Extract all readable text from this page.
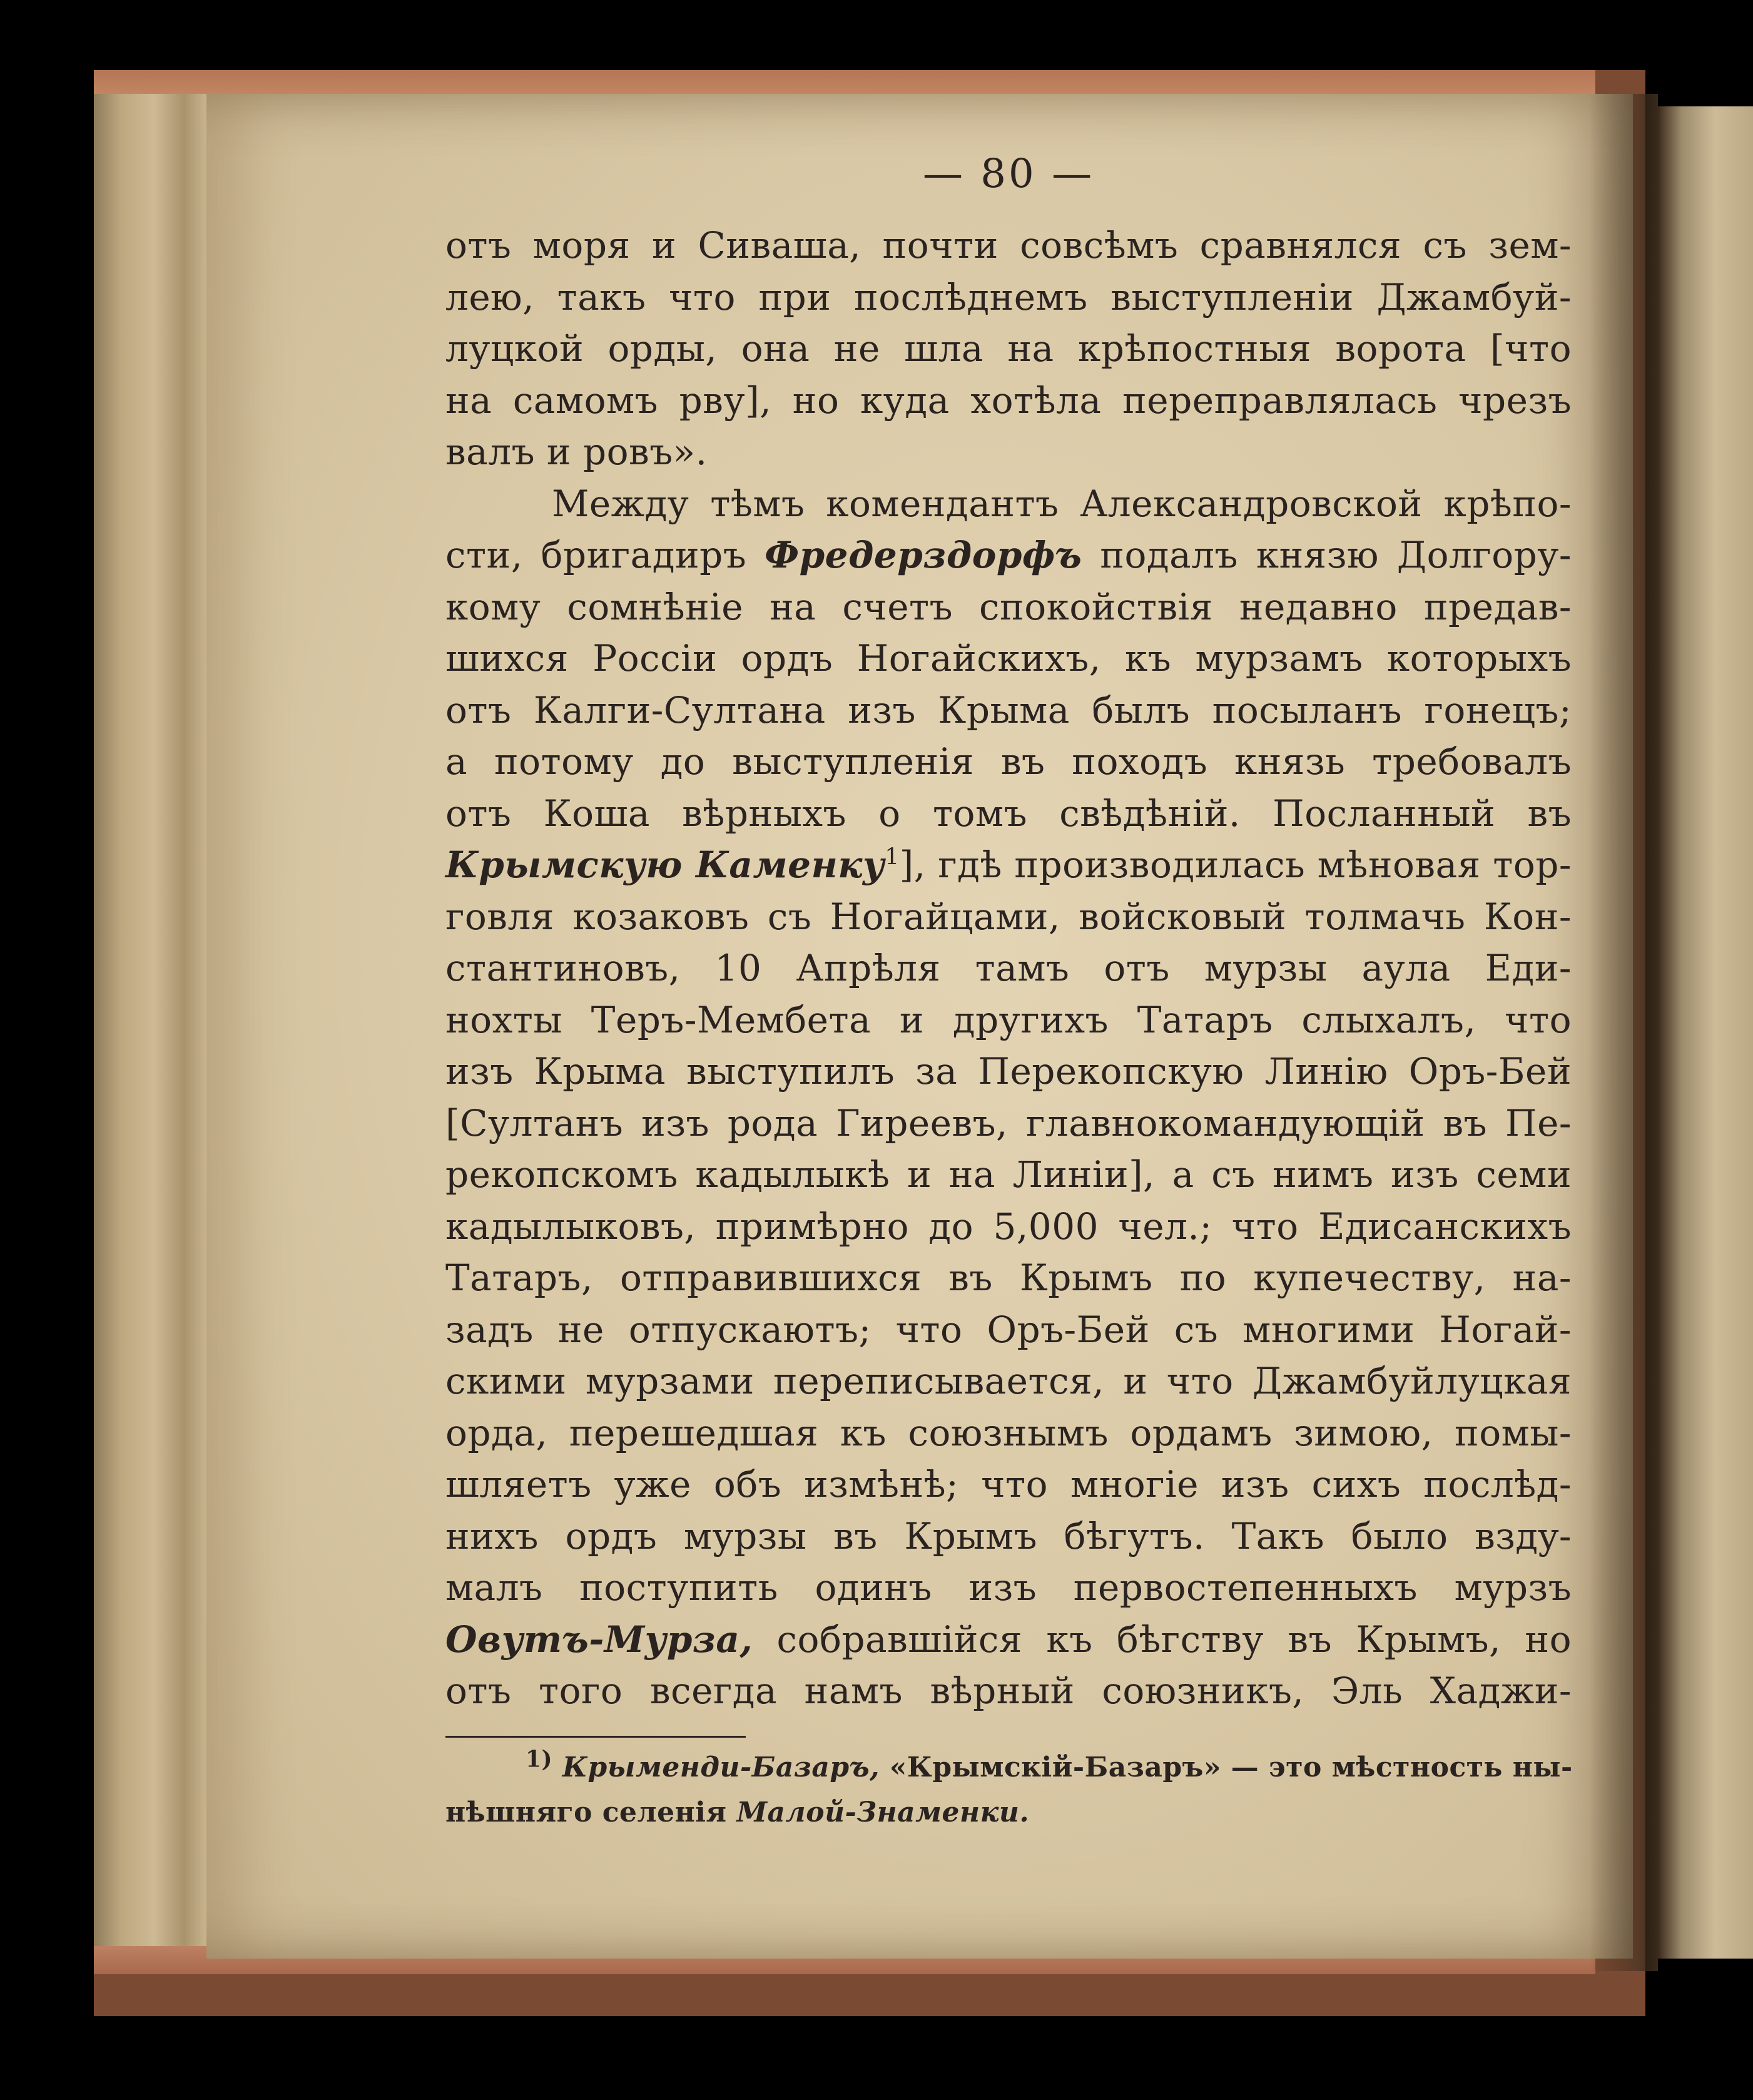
— 80 —
отъ моря и Сиваша, почти совсѣмъ сравнялся съ зем-
лею, такъ что при послѣднемъ выступленіи Джамбуй-
луцкой орды, она не шла на крѣпостныя ворота [что
на самомъ рву], но куда хотѣла переправлялась чрезъ
валъ и ровъ».
Между тѣмъ комендантъ Александровской крѣпо-
сти, бригадиръ Фредерздорфъ подалъ князю Долгору-
кому сомнѣніе на счетъ спокойствія недавно предав-
шихся Россіи ордъ Ногайскихъ, къ мурзамъ которыхъ
отъ Калги-Султана изъ Крыма былъ посыланъ гонецъ;
а потому до выступленія въ походъ князь требовалъ
отъ Коша вѣрныхъ о томъ свѣдѣній. Посланный въ
Крымскую Каменку$^1$], гдѣ производилась мѣновая тор-
говля козаковъ съ Ногайцами, войсковый толмачь Кон-
стантиновъ, 10 Апрѣля тамъ отъ мурзы аула Еди-
нохты Теръ-Мембета и другихъ Татаръ слыхалъ, что
изъ Крыма выступилъ за Перекопскую Линію Оръ-Бей
[Султанъ изъ рода Гиреевъ, главнокомандующій въ Пе-
рекопскомъ кадылыкѣ и на Линіи], а съ нимъ изъ семи
кадылыковъ, примѣрно до 5,000 чел.; что Едисанскихъ
Татаръ, отправившихся въ Крымъ по купечеству, на-
задъ не отпускаютъ; что Оръ-Бей съ многими Ногай-
скими мурзами переписывается, и что Джамбуйлуцкая
орда, перешедшая къ союзнымъ ордамъ зимою, помы-
шляетъ уже объ измѣнѣ; что многіе изъ сихъ послѣд-
нихъ ордъ мурзы въ Крымъ бѣгутъ. Такъ было вздy-
малъ поступить одинъ изъ первостепенныхъ мурзъ
Овутъ-Мурза, собравшійся къ бѣгству въ Крымъ, но
отъ того всегда намъ вѣрный союзникъ, Эль Хаджи-
$^{1)}$ Крыменди-Базаръ, «Крымскій-Базаръ» — это мѣстность ны-
нѣшняго селенія Малой-Знаменки.
